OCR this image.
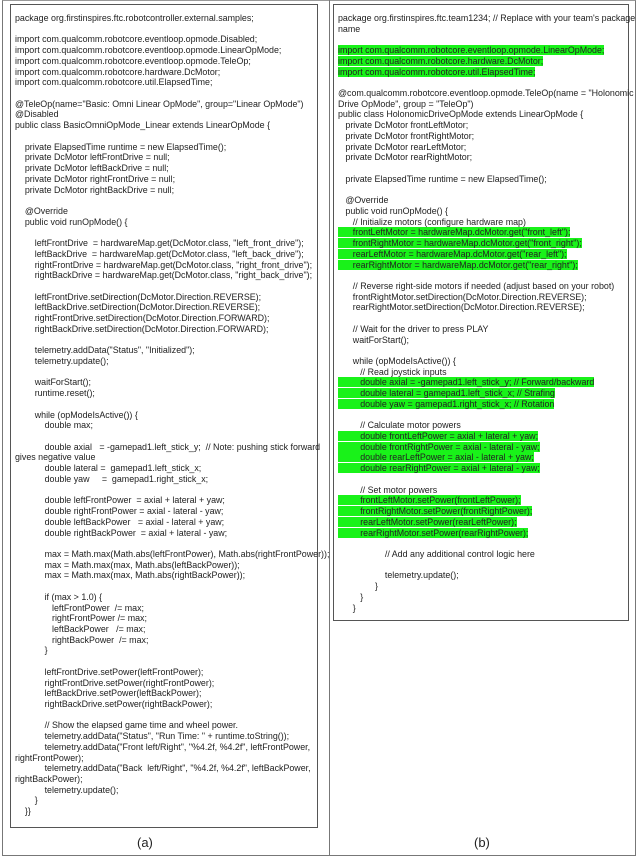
package org.firstinspires.ftc.robotcontroller.external.samples;
import com.qualcomm.robotcore.eventloop.opmode.Disabled;
import com.qualcomm.robotcore.eventloop.opmode.LinearOpMode;
import com.qualcomm.robotcore.eventloop.opmode.TeleOp;
import com.qualcomm.robotcore.hardware.DcMotor;
import com.qualcomm.robotcore.util.ElapsedTime;
@TeleOp(name="Basic: Omni Linear OpMode", group="Linear OpMode")
@Disabled
public class BasicOmniOpMode_Linear extends LinearOpMode {
private ElapsedTime runtime = new ElapsedTime();
private DcMotor leftFrontDrive = null;
private DcMotor leftBackDrive = null;
private DcMotor rightFrontDrive = null;
private DcMotor rightBackDrive = null;
@Override
public void runOpMode() {
leftFrontDrive  = hardwareMap.get(DcMotor.class, "left_front_drive");
leftBackDrive  = hardwareMap.get(DcMotor.class, "left_back_drive");
rightFrontDrive = hardwareMap.get(DcMotor.class, "right_front_drive");
rightBackDrive = hardwareMap.get(DcMotor.class, "right_back_drive");
leftFrontDrive.setDirection(DcMotor.Direction.REVERSE);
leftBackDrive.setDirection(DcMotor.Direction.REVERSE);
rightFrontDrive.setDirection(DcMotor.Direction.FORWARD);
rightBackDrive.setDirection(DcMotor.Direction.FORWARD);
telemetry.addData("Status", "Initialized");
telemetry.update();
waitForStart();
runtime.reset();
while (opModeIsActive()) {
double max;
double axial   = -gamepad1.left_stick_y;  // Note: pushing stick forward
gives negative value
double lateral =  gamepad1.left_stick_x;
double yaw     =  gamepad1.right_stick_x;
double leftFrontPower  = axial + lateral + yaw;
double rightFrontPower = axial - lateral - yaw;
double leftBackPower   = axial - lateral + yaw;
double rightBackPower  = axial + lateral - yaw;
max = Math.max(Math.abs(leftFrontPower), Math.abs(rightFrontPower));
max = Math.max(max, Math.abs(leftBackPower));
max = Math.max(max, Math.abs(rightBackPower));
if (max > 1.0) {
leftFrontPower  /= max;
rightFrontPower /= max;
leftBackPower   /= max;
rightBackPower  /= max;
}
leftFrontDrive.setPower(leftFrontPower);
rightFrontDrive.setPower(rightFrontPower);
leftBackDrive.setPower(leftBackPower);
rightBackDrive.setPower(rightBackPower);
// Show the elapsed game time and wheel power.
telemetry.addData("Status", "Run Time: " + runtime.toString());
telemetry.addData("Front left/Right", "%4.2f, %4.2f", leftFrontPower,
rightFrontPower);
telemetry.addData("Back  left/Right", "%4.2f, %4.2f", leftBackPower,
rightBackPower);
telemetry.update();
}
}}
package org.firstinspires.ftc.team1234; // Replace with your team's package
name
import com.qualcomm.robotcore.eventloop.opmode.LinearOpMode;
import com.qualcomm.robotcore.hardware.DcMotor;
import com.qualcomm.robotcore.util.ElapsedTime;
@com.qualcomm.robotcore.eventloop.opmode.TeleOp(name = "Holonomic
Drive OpMode", group = "TeleOp")
public class HolonomicDriveOpMode extends LinearOpMode {
private DcMotor frontLeftMotor;
private DcMotor frontRightMotor;
private DcMotor rearLeftMotor;
private DcMotor rearRightMotor;
private ElapsedTime runtime = new ElapsedTime();
@Override
public void runOpMode() {
// Initialize motors (configure hardware map)
frontLeftMotor = hardwareMap.dcMotor.get("front_left");
frontRightMotor = hardwareMap.dcMotor.get("front_right");
rearLeftMotor = hardwareMap.dcMotor.get("rear_left");
rearRightMotor = hardwareMap.dcMotor.get("rear_right");
// Reverse right-side motors if needed (adjust based on your robot)
frontRightMotor.setDirection(DcMotor.Direction.REVERSE);
rearRightMotor.setDirection(DcMotor.Direction.REVERSE);
// Wait for the driver to press PLAY
waitForStart();
while (opModeIsActive()) {
// Read joystick inputs
double axial = -gamepad1.left_stick_y; // Forward/backward
double lateral = gamepad1.left_stick_x; // Strafing
double yaw = gamepad1.right_stick_x; // Rotation
// Calculate motor powers
double frontLeftPower = axial + lateral + yaw;
double frontRightPower = axial - lateral - yaw;
double rearLeftPower = axial - lateral + yaw;
double rearRightPower = axial + lateral - yaw;
// Set motor powers
frontLeftMotor.setPower(frontLeftPower);
frontRightMotor.setPower(frontRightPower);
rearLeftMotor.setPower(rearLeftPower);
rearRightMotor.setPower(rearRightPower);
// Add any additional control logic here
telemetry.update();
}
}
}
(a)	(b)
